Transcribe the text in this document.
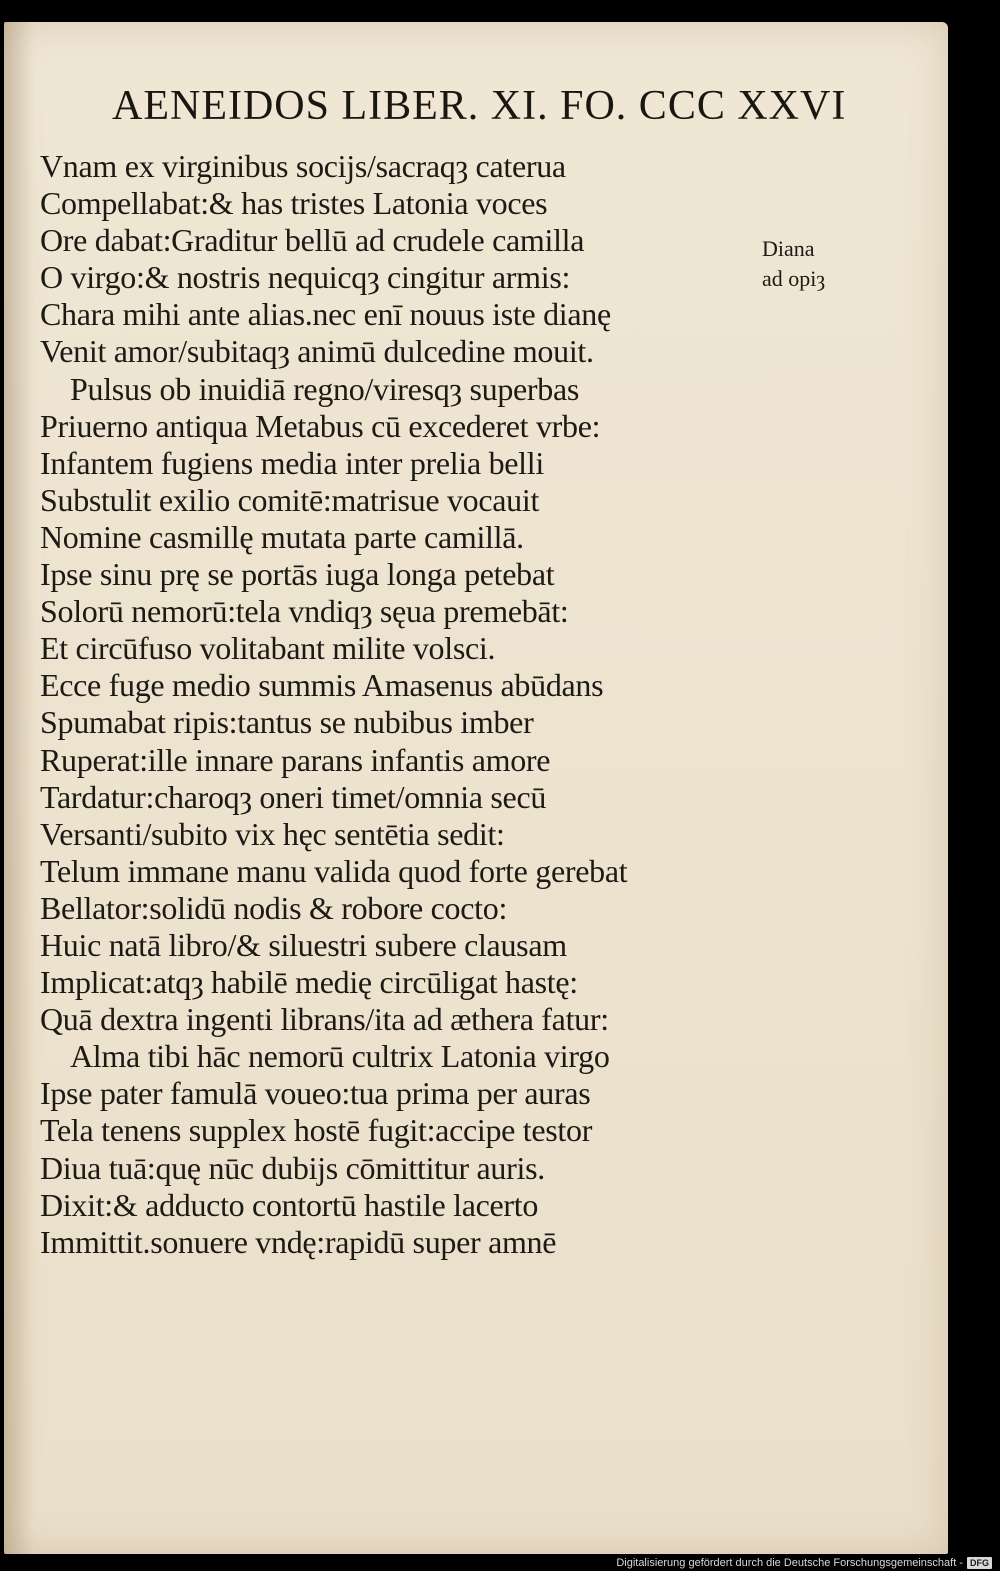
AENEIDOS LIBER. XI. FO. CCC XXVI
Vnam ex virginibus socijs/sacraqȝ caterua
Compellabat:& has tristes Latonia voces
Ore dabat:Graditur bellū ad crudele camilla
O virgo:& nostris nequicqȝ cingitur armis:
Chara mihi ante alias.nec enī nouus iste dianę
Venit amor/subitaqȝ animū dulcedine mouit.
Pulsus ob inuidiā regno/viresqȝ superbas
Priuerno antiqua Metabus cū excederet vrbe:
Infantem fugiens media inter prelia belli
Substulit exilio comitē:matrisue vocauit
Nomine casmillę mutata parte camillā.
Ipse sinu prę se portās iuga longa petebat
Solorū nemorū:tela vndiqȝ sęua premebāt:
Et circūfuso volitabant milite volsci.
Ecce fuge medio summis Amasenus abūdans
Spumabat ripis:tantus se nubibus imber
Ruperat:ille innare parans infantis amore
Tardatur:charoqȝ oneri timet/omnia secū
Versanti/subito vix hęc sentētia sedit:
Telum immane manu valida quod forte gerebat
Bellator:solidū nodis & robore cocto:
Huic natā libro/& siluestri subere clausam
Implicat:atqȝ habilē medię circūligat hastę:
Quā dextra ingenti librans/ita ad æthera fatur:
Alma tibi hāc nemorū cultrix Latonia virgo
Ipse pater famulā voueo:tua prima per auras
Tela tenens supplex hostē fugit:accipe testor
Diua tuā:quę nūc dubijs cōmittitur auris.
Dixit:& adducto contortū hastile lacerto
Immittit.sonuere vndę:rapidū super amnē
Diana
ad opiȝ
Digitalisierung gefördert durch die Deutsche Forschungsgemeinschaft - DFG
